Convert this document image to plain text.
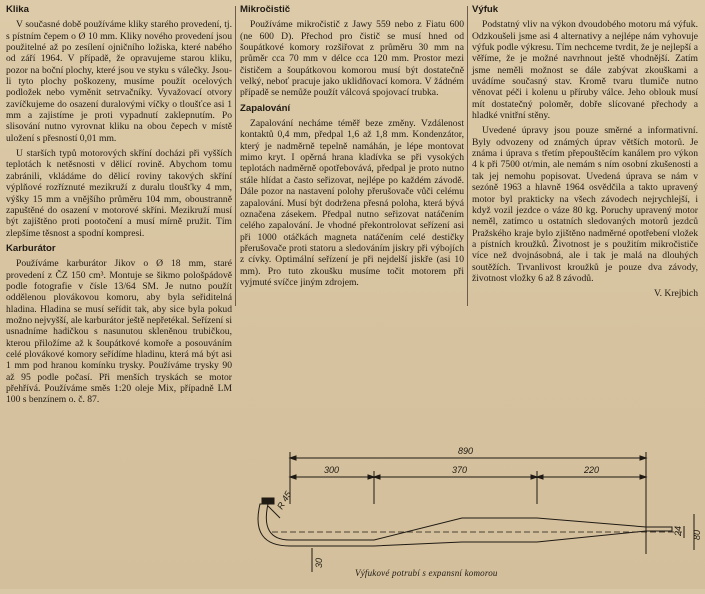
Klika

V současné době používáme kliky starého provedení, tj. s pístním čepem o Ø 10 mm. Kliky nového provedení jsou použitelné až po zesílení ojničního ložiska, které nabého od září 1964. V případě, že opravujeme starou kliku, pozor na boční plochy, které jsou ve styku s válečky. Jsou-li tyto plochy poškozeny, musíme použít ocelových podložek nebo vyměnit setrvačníky. Vyvažovací otvory zavíčkujeme do osazení duralovými víčky o tloušťce asi 1 mm a zajistíme je proti vypadnutí zaklepnutím. Po slisování nutno vyrovnat kliku na obou čepech v místě uložení s přesností 0,01 mm.

U starších typů motorových skříní docházi při vyšších teplotách k netěsnosti v dělicí rovině. Abychom tomu zabránili, vkládáme do dělicí roviny takových skříní výplňové rozříznuté mezikruží z duralu tloušťky 4 mm, výšky 15 mm a vnějšího průměru 104 mm, oboustranně zapuštěné do osazení v motorové skříni. Mezikruží musí být zajištěno proti pootočení a musí mírně pružit. Tím zlepšíme těsnost a spodní kompresi.

Karburátor

Používáme karburátor Jikov o Ø 18 mm, staré provedení z ČZ 150 cm³. Montuje se šikmo pološpádově podle fotografie v čísle 13/64 SM. Je nutno použít oddělenou plovákovou komoru, aby byla seřiditelná hladina. Hladina se musí seřídit tak, aby sice byla pokud možno nejvyšší, ale karburátor ještě nepřetékal. Seřízení si usnadníme hadičkou s nasunutou skleněnou trubičkou, kterou přiložíme až k šoupátkové komoře a posouváním celé plovákové komory seřídíme hladinu, která má být asi 1 mm pod hranou komínku trysky. Používáme trysky 90 až 95 podle počasí. Při menších tryskách se motor přehřívá. Používáme směs 1:20 oleje Mix, případně LM 100 s benzínem o. č. 87.

Mikročistič

Používáme mikročistič z Jawy 559 nebo z Fiatu 600 (ne 600 D). Přechod pro čistič se musí hned od šoupátkové komory rozšiřovat z průměru 30 mm na průměr cca 70 mm v délce cca 120 mm. Prostor mezi čističem a šoupátkovou komorou musí být dostatečně velký, neboť pracuje jako uklidňovací komora. V žádném případě se nemůže použít válcová spojovací trubka.

Zapalování

Zapalování necháme téměř beze změny. Vzdálenost kontaktů 0,4 mm, předpal 1,6 až 1,8 mm. Kondenzátor, který je nadměrně tepelně namáhán, je lépe montovat mimo kryt. I opěrná hrana kladívka se při vysokých teplotách nadměrně opotřebovává, předpal je proto nutno stále hlídat a často seřizovat, nejlépe po každém závodě. Dále pozor na nastavení polohy přerušovače vůči celému zapalování. Musí být dodržena přesná poloha, která bývá označena zásekem. Předpal nutno seřizovat natáčením celého zapalování. Je vhodné překontrolovat seřízení asi při 1000 otáčkách magneta natáčením celé destičky přerušovače proti statoru a sledováním jiskry při výbojích z cívky. Optimální seřízení je při nejdelší jiskře (asi 10 mm). Pro tuto zkoušku musíme točit motorem při vyjmuté svíčce jiným zdrojem.

Výfuk

Podstatný vliv na výkon dvoudobého motoru má výfuk. Odzkoušeli jsme asi 4 alternativy a nejlépe nám vyhovuje výfuk podle výkresu. Tím nechceme tvrdit, že je nejlepší a věříme, že je možné navrhnout ještě vhodnější. Zatím jsme neměli možnost se dále zabývat zkouškami a uvádíme současný stav. Kromě tvaru tlumiče nutno věnovat péči i kolenu u příruby válce. Jeho oblouk musí mít dostatečný poloměr, dobře slícované přechody a hladké vnitřní stěny.

Uvedené úpravy jsou pouze směrné a informativní. Byly odvozeny od známých úprav větších motorů. Je známa i úprava s třetím přepouštěcím kanálem pro výkon 4 k při 7500 ot/min, ale nemám s ním osobní zkušenosti a tak jej nemohu popisovat. Uvedená úprava se nám v sezóně 1963 a hlavně 1964 osvědčila a takto upravený motor byl prakticky na všech závodech nejrychlejší, i když vozil jezdce o váze 80 kg. Poruchy upravený motor neměl, zatímco u ostatních sledovaných motorů jezdců Pražského kraje bylo zjištěno nadměrné opotřebení vložek a pístních kroužků. Životnost je s použitím mikročističe více než dvojnásobná, ale i tak je malá na dlouhých soutěžích. Trvanlivost kroužků je pouze dva závody, životnost vložky 6 až 8 závodů.

V. Krejbich
890
300	370	220
R 45
30
24 80
Výfukové potrubí s expansní komorou
